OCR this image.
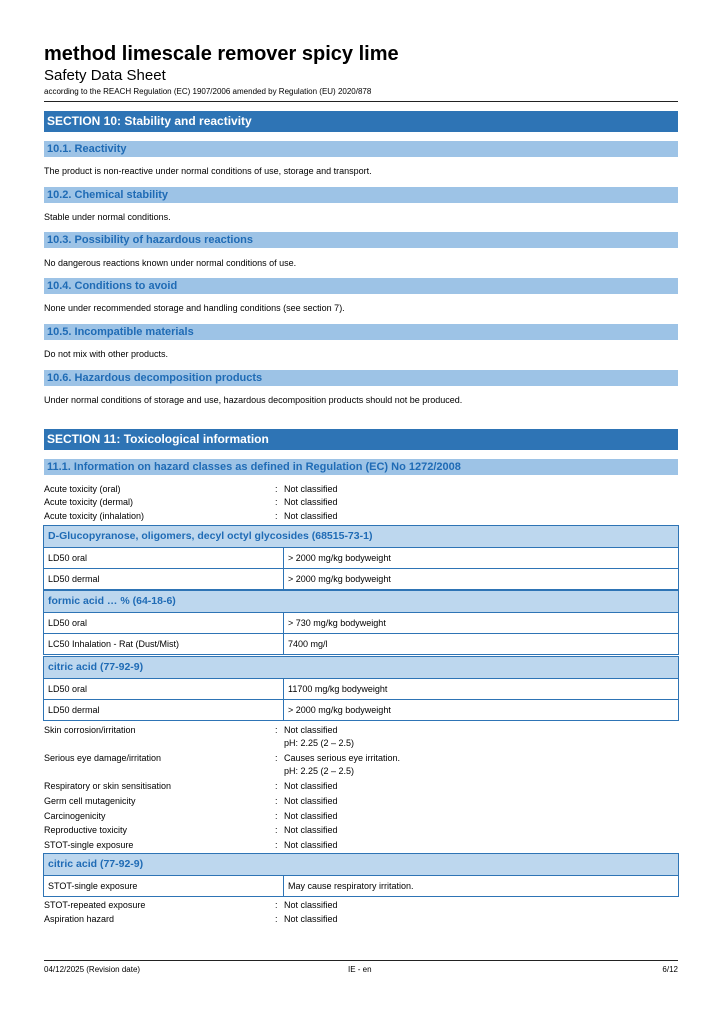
method limescale remover spicy lime
Safety Data Sheet
according to the REACH Regulation (EC) 1907/2006 amended by Regulation (EU) 2020/878
SECTION 10: Stability and reactivity
10.1. Reactivity
The product is non-reactive under normal conditions of use, storage and transport.
10.2. Chemical stability
Stable under normal conditions.
10.3. Possibility of hazardous reactions
No dangerous reactions known under normal conditions of use.
10.4. Conditions to avoid
None under recommended storage and handling conditions (see section 7).
10.5. Incompatible materials
Do not mix with other products.
10.6. Hazardous decomposition products
Under normal conditions of storage and use, hazardous decomposition products should not be produced.
SECTION 11: Toxicological information
11.1. Information on hazard classes as defined in Regulation (EC) No 1272/2008
Acute toxicity (oral)	: Not classified
Acute toxicity (dermal)	: Not classified
Acute toxicity (inhalation)	: Not classified
D-Glucopyranose, oligomers, decyl octyl glycosides (68515-73-1)
LD50 oral	> 2000 mg/kg bodyweight
LD50 dermal	> 2000 mg/kg bodyweight
formic acid … % (64-18-6)
LD50 oral	> 730 mg/kg bodyweight
LC50 Inhalation - Rat (Dust/Mist)	7400 mg/l
citric acid (77-92-9)
LD50 oral	11700 mg/kg bodyweight
LD50 dermal	> 2000 mg/kg bodyweight
Skin corrosion/irritation	: Not classified
pH: 2.25 (2 – 2.5)
Serious eye damage/irritation	: Causes serious eye irritation.
pH: 2.25 (2 – 2.5)
Respiratory or skin sensitisation	: Not classified
Germ cell mutagenicity	: Not classified
Carcinogenicity	: Not classified
Reproductive toxicity	: Not classified
STOT-single exposure	: Not classified
citric acid (77-92-9)
STOT-single exposure	May cause respiratory irritation.
STOT-repeated exposure	: Not classified
Aspiration hazard	: Not classified
04/12/2025 (Revision date)	IE - en	6/12
